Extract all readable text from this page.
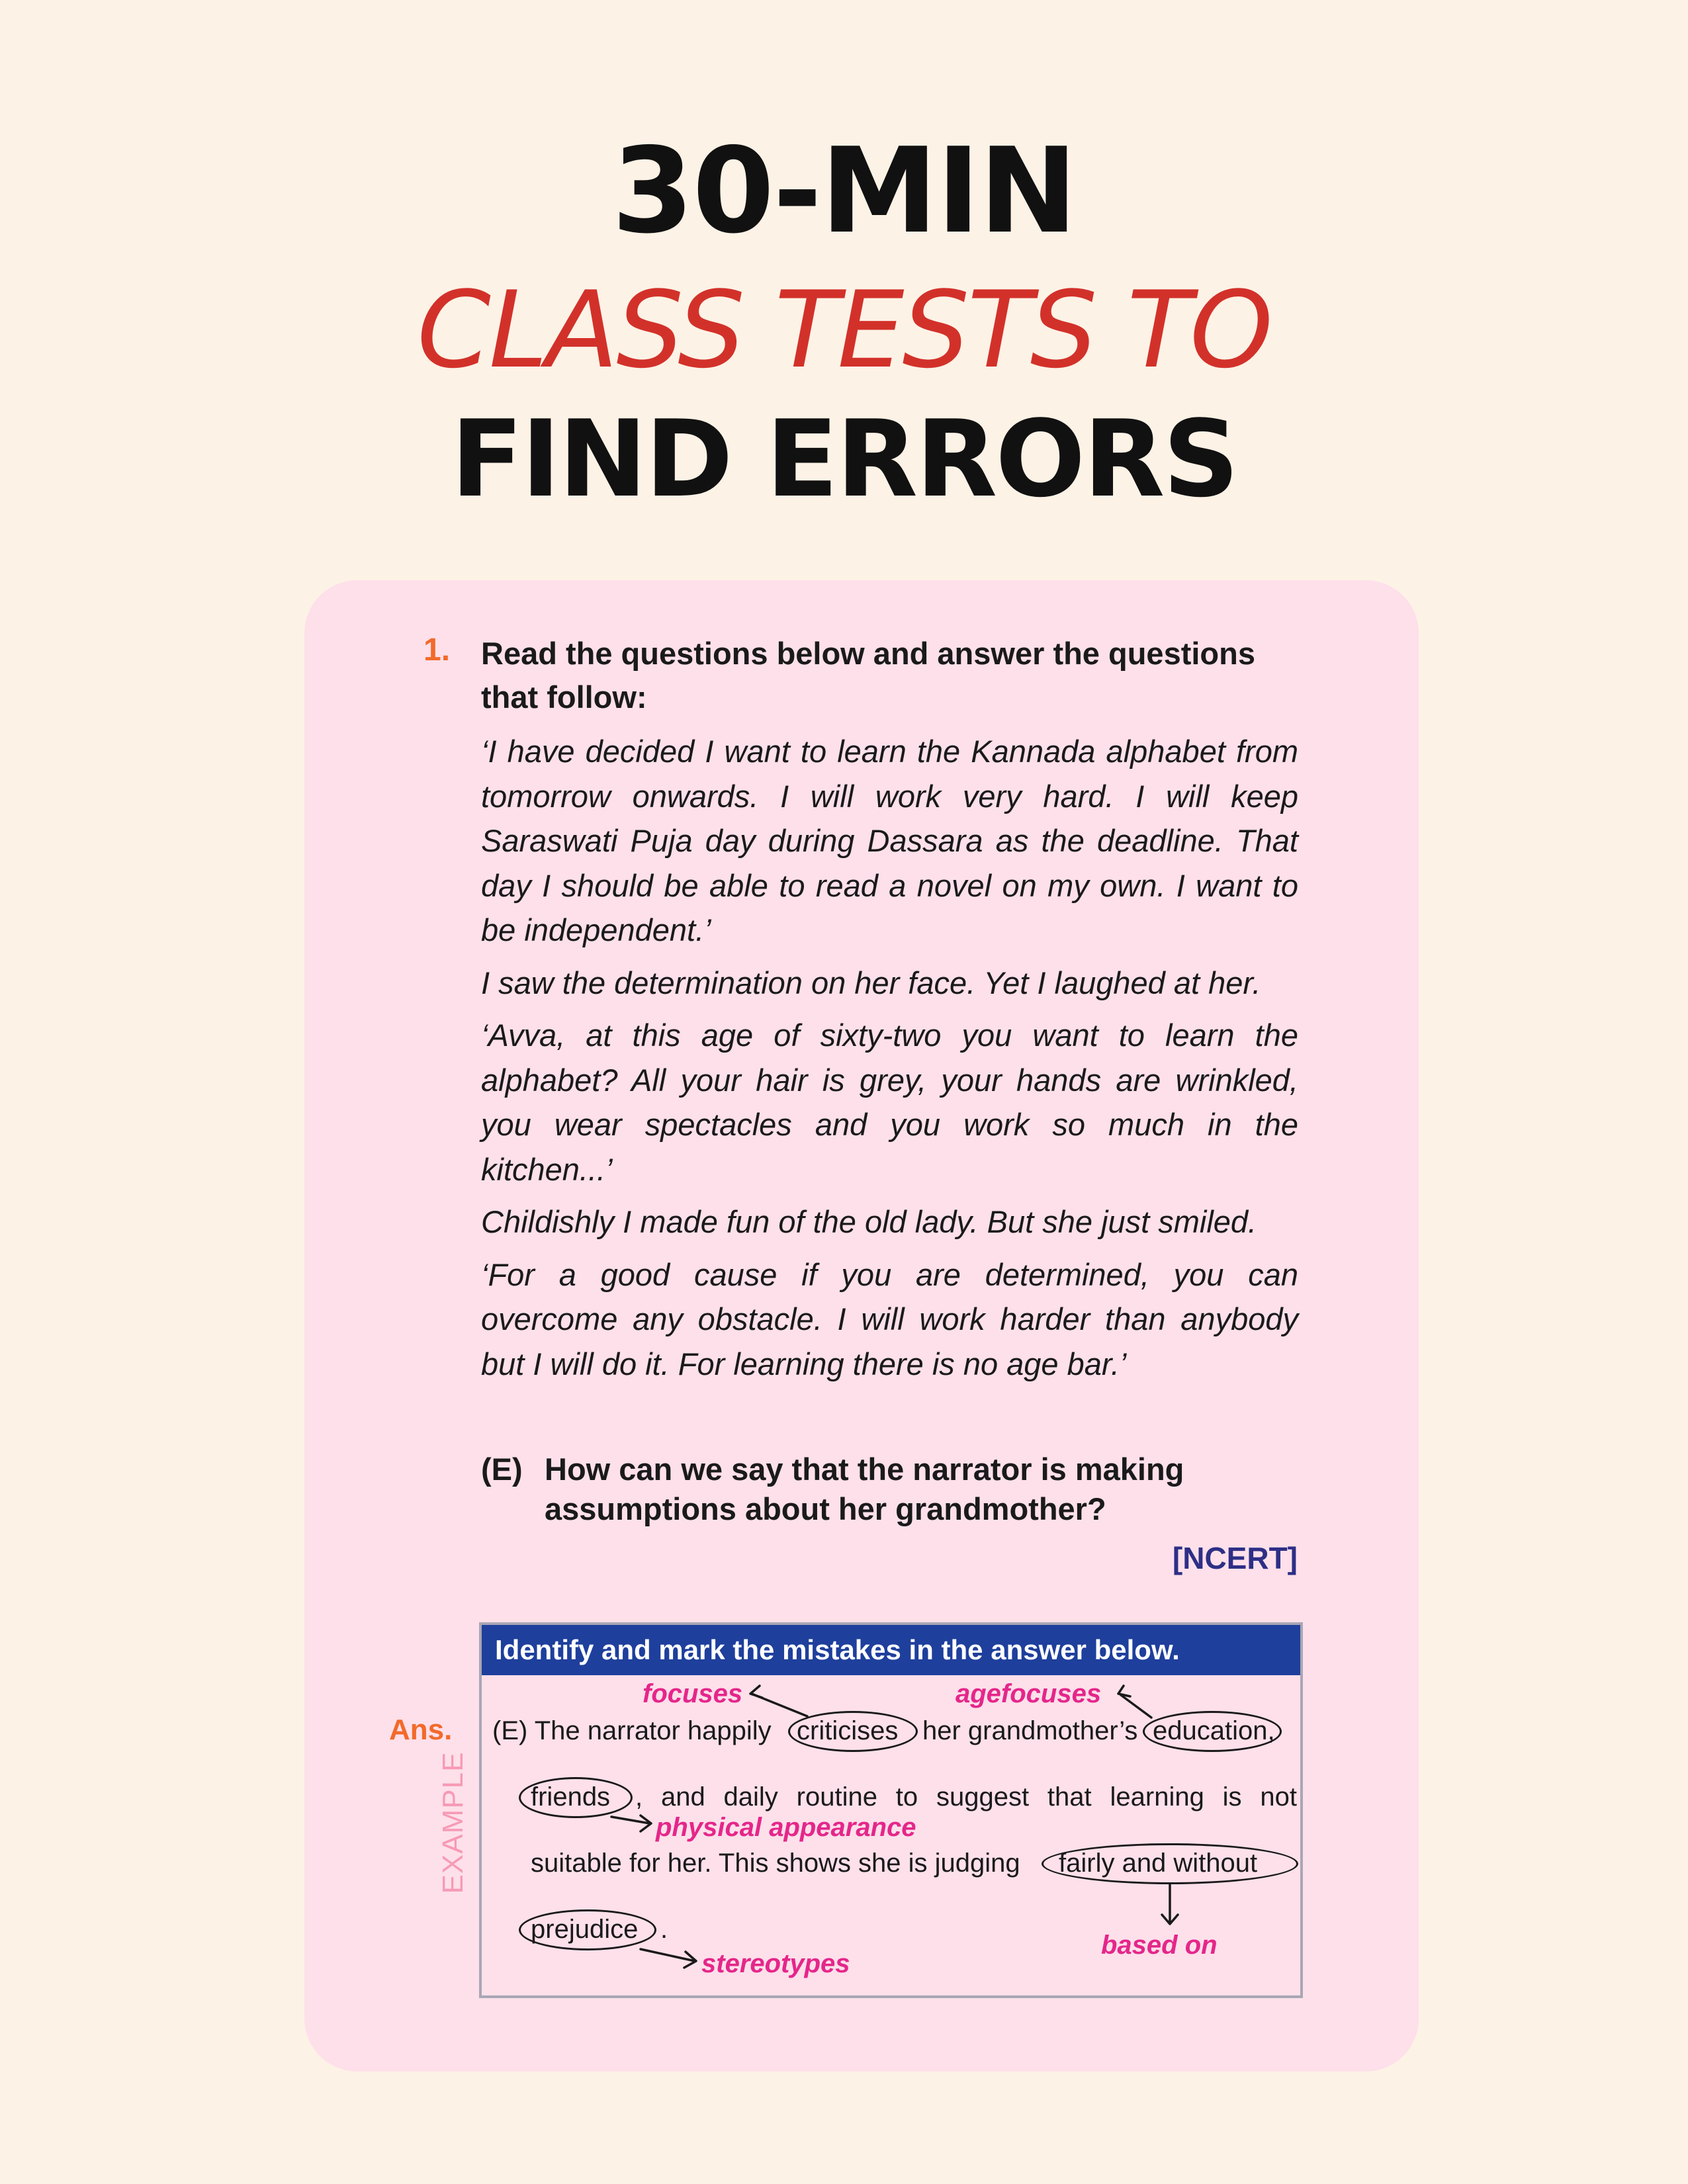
30-MIN
CLASS TESTS TO
FIND ERRORS
1. Read the questions below and answer the questions that follow:

‘I have decided I want to learn the Kannada alphabet from tomorrow onwards. I will work very hard. I will keep Saraswati Puja day during Dassara as the deadline. That day I should be able to read a novel on my own. I want to be independent.’

I saw the determination on her face. Yet I laughed at her.

‘Avva, at this age of sixty-two you want to learn the alphabet? All your hair is grey, your hands are wrinkled, you wear spectacles and you work so much in the kitchen...’

Childishly I made fun of the old lady. But she just smiled.

‘For a good cause if you are determined, you can overcome any obstacle. I will work harder than anybody but I will do it. For learning there is no age bar.’

(E) How can we say that the narrator is making assumptions about her grandmother?
[NCERT]
Ans.
EXAMPLE
Identify and mark the mistakes in the answer below.
focuses	agefocuses
(E) The narrator happily criticises her grandmother’s education,
friends , and daily routine to suggest that learning is not
physical appearance
suitable for her. This shows she is judging fairly and without
prejudice .
based on
stereotypes
